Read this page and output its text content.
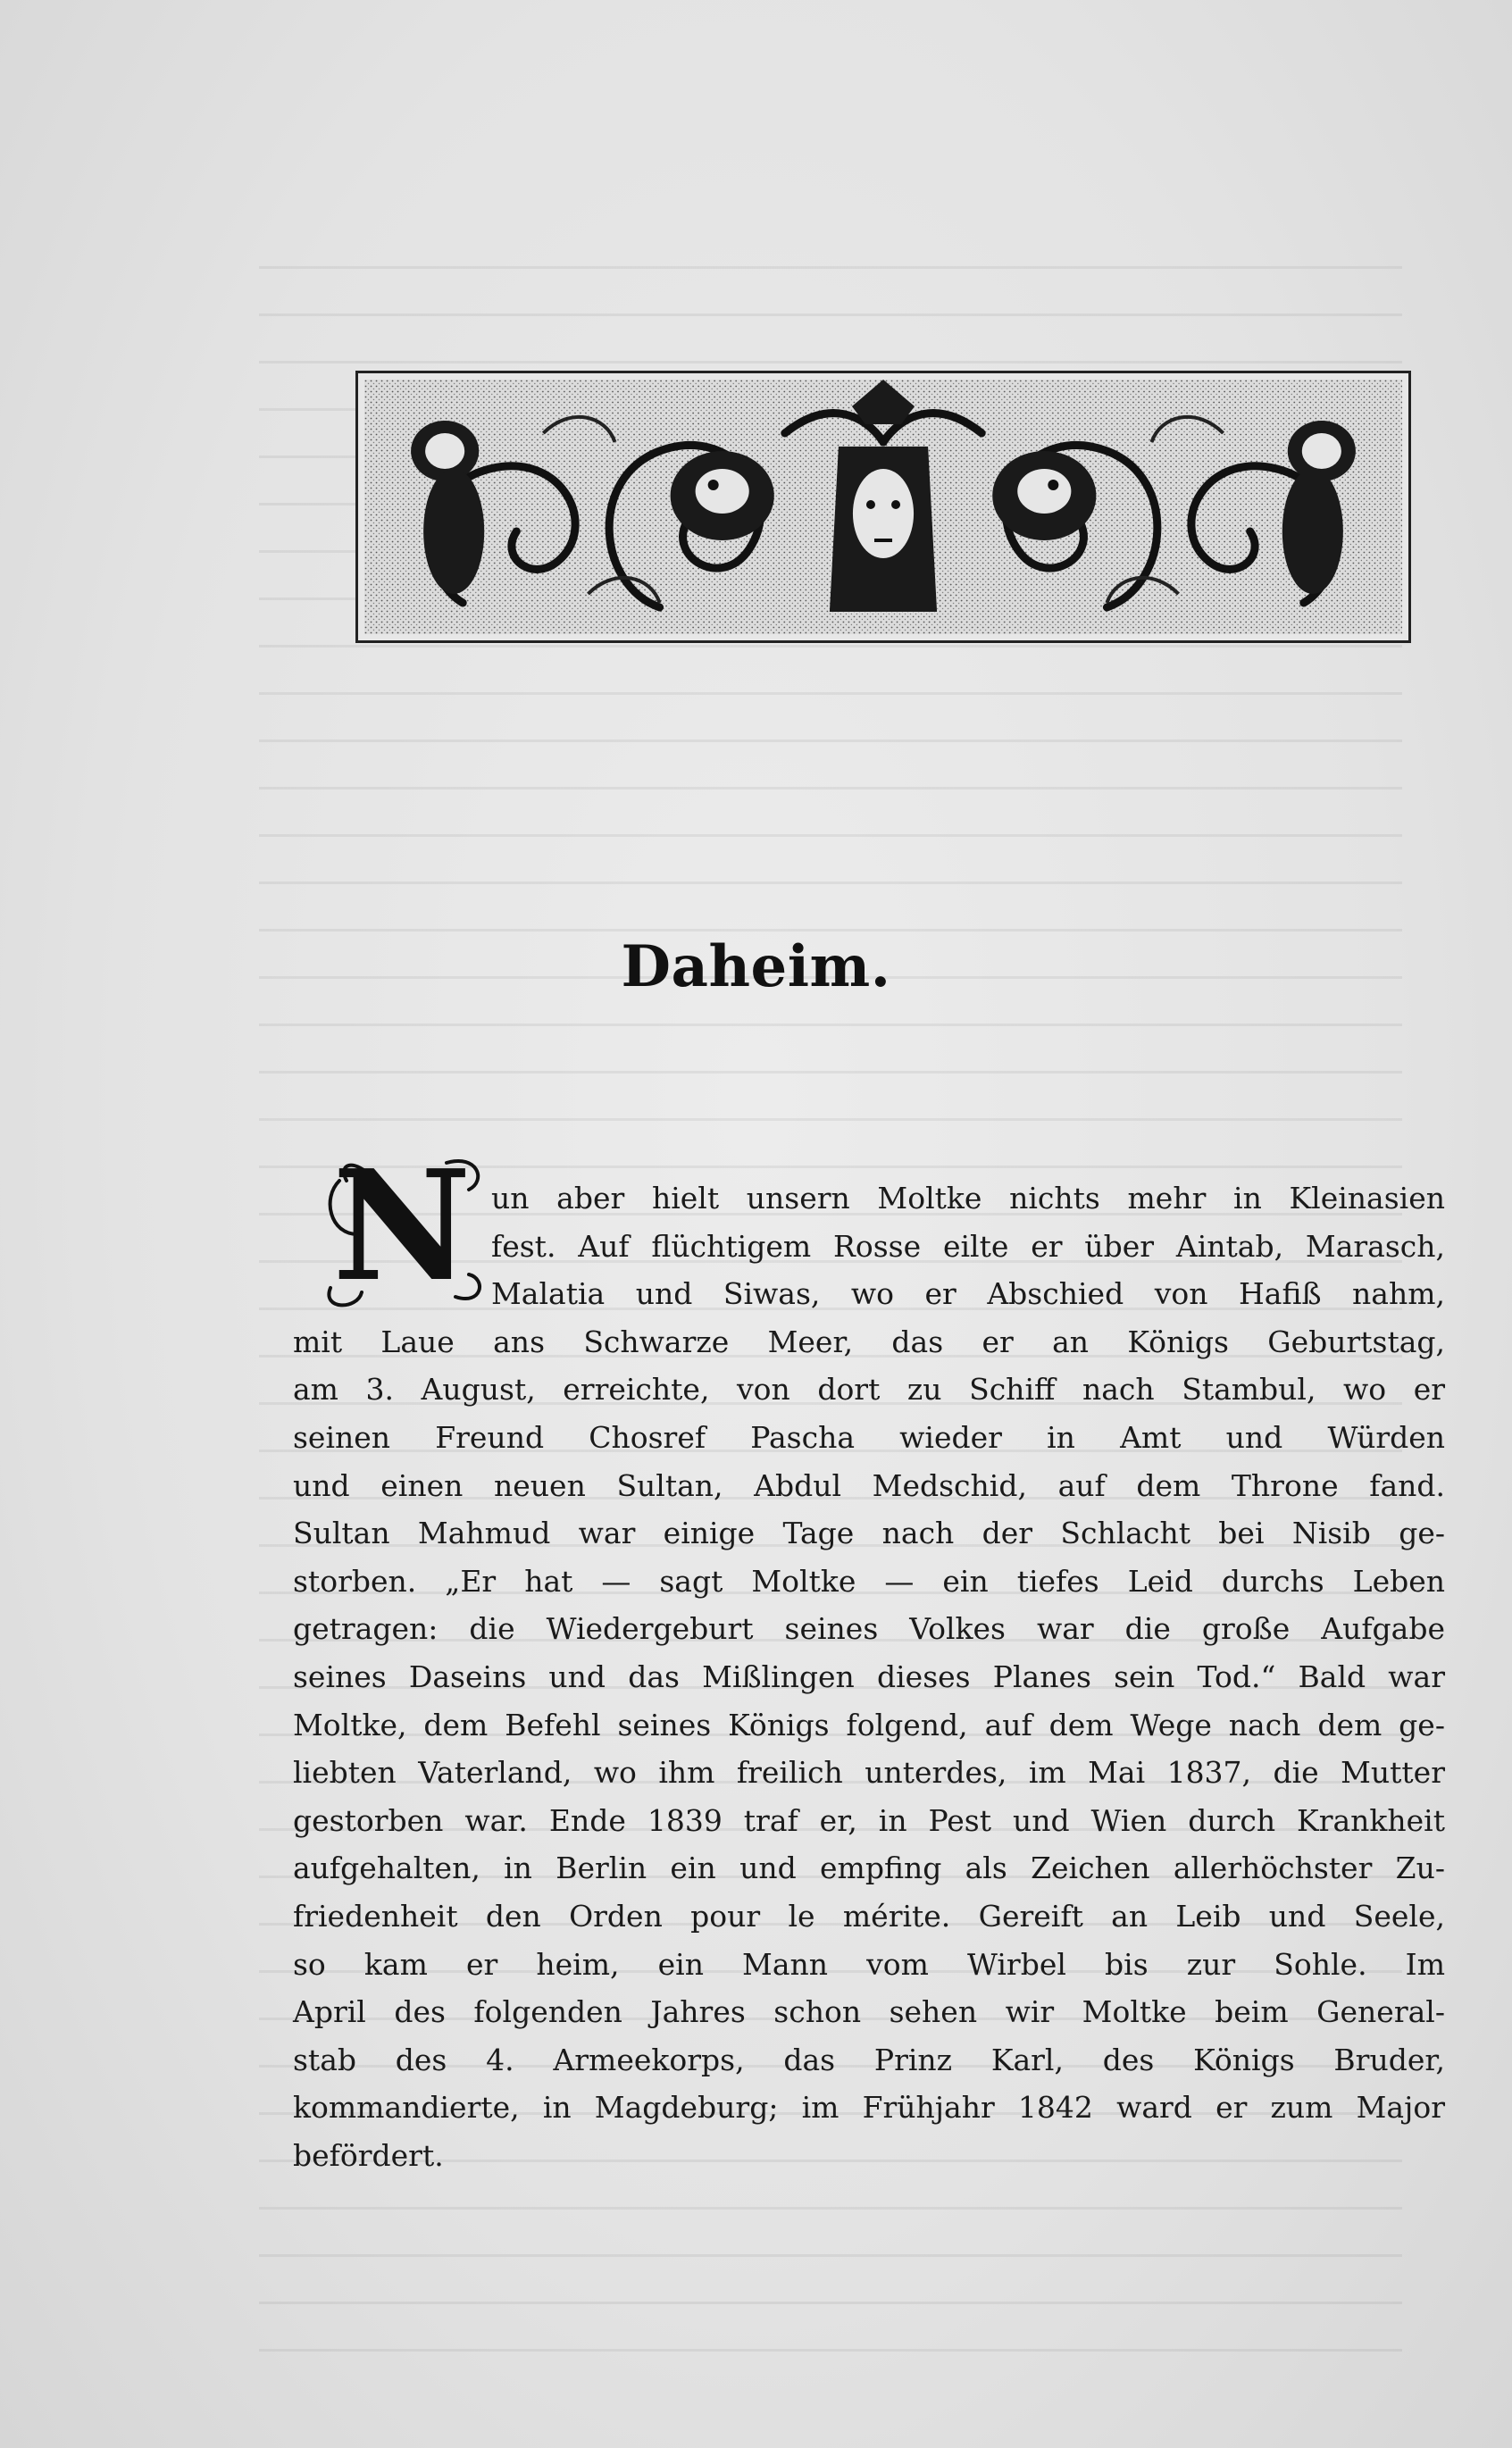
Daheim.
N un aber hielt unsern Moltke nichts mehr in Kleinasien
fest. Auf flüchtigem Rosse eilte er über Aintab, Marasch,
Malatia und Siwas, wo er Abschied von Hafiß nahm,
mit Laue ans Schwarze Meer, das er an Königs Geburtstag,
am 3. August, erreichte, von dort zu Schiff nach Stambul, wo er
seinen Freund Chosref Pascha wieder in Amt und Würden
und einen neuen Sultan, Abdul Medschid, auf dem Throne fand.
Sultan Mahmud war einige Tage nach der Schlacht bei Nisib ge-
storben. „Er hat — sagt Moltke — ein tiefes Leid durchs Leben
getragen: die Wiedergeburt seines Volkes war die große Aufgabe
seines Daseins und das Mißlingen dieses Planes sein Tod.“ Bald war
Moltke, dem Befehl seines Königs folgend, auf dem Wege nach dem ge-
liebten Vaterland, wo ihm freilich unterdes, im Mai 1837, die Mutter
gestorben war. Ende 1839 traf er, in Pest und Wien durch Krankheit
aufgehalten, in Berlin ein und empfing als Zeichen allerhöchster Zu-
friedenheit den Orden pour le mérite. Gereift an Leib und Seele,
so kam er heim, ein Mann vom Wirbel bis zur Sohle. Im
April des folgenden Jahres schon sehen wir Moltke beim General-
stab des 4. Armeekorps, das Prinz Karl, des Königs Bruder,
kommandierte, in Magdeburg; im Frühjahr 1842 ward er zum Major
befördert.
